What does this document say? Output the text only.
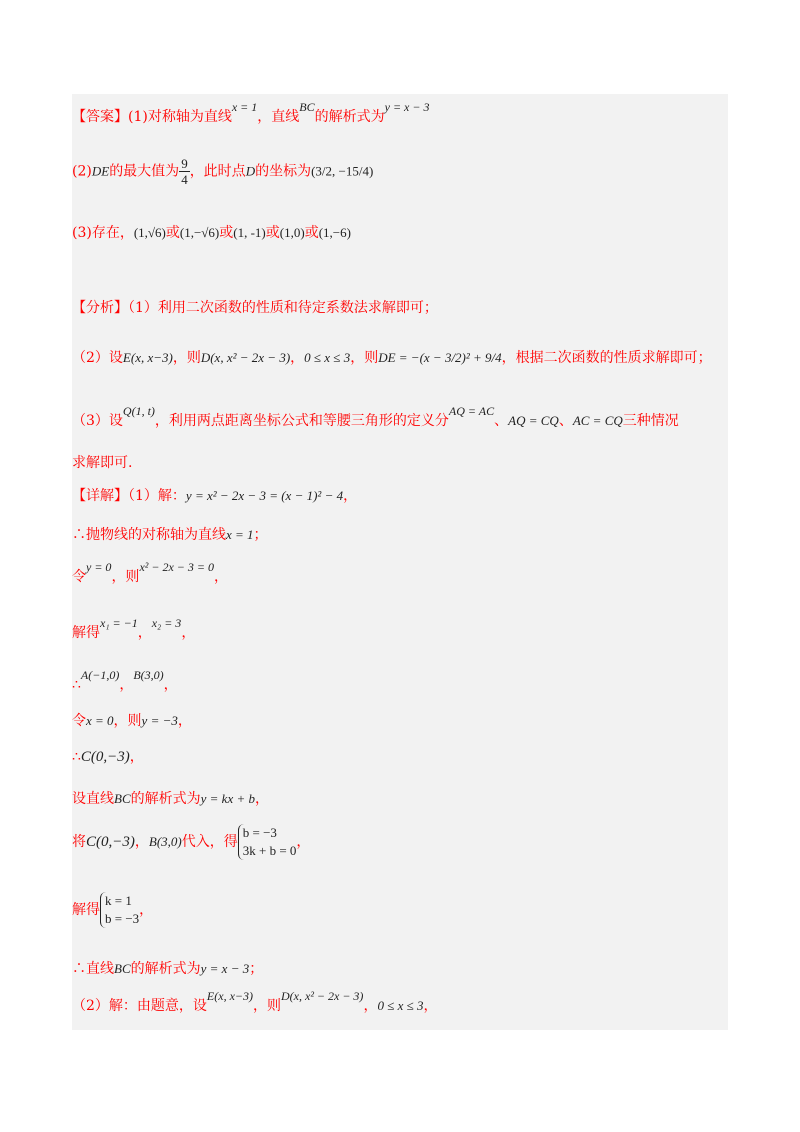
【答案】(1)对称轴为直线x = 1，直线BC的解析式为y = x − 3
(2)DE的最大值为 $\frac{9}{4}$ ，此时点D的坐标为(3/2, −15/4)
(3)存在，(1,√6)或(1,−√6)或(1, -1)或(1,0)或(1,−6)
【分析】（1）利用二次函数的性质和待定系数法求解即可；
（2）设E(x, x−3)，则D(x, x² − 2x − 3)，0 ≤ x ≤ 3，则DE = −(x − 3/2)² + 9/4，根据二次函数的性质求解即可；
（3）设Q(1, t)，利用两点距离坐标公式和等腰三角形的定义分AQ = AC、AQ = CQ、AC = CQ三种情况
求解即可.
【详解】（1）解：y = x² − 2x − 3 = (x − 1)² − 4，
∴抛物线的对称轴为直线x = 1；
令y = 0，则x² − 2x − 3 = 0，
解得x₁ = −1，x₂ = 3，
∴A(−1,0)，B(3,0)，
令x = 0，则y = −3，
∴C(0,−3)，
设直线BC的解析式为y = kx + b，
将C(0,−3)，B(3,0)代入，得
b = −3
3k + b = 0
，
解得
k = 1
b = −3
，
∴直线BC的解析式为y = x − 3；
（2）解：由题意，设E(x, x−3)，则D(x, x² − 2x − 3)，0 ≤ x ≤ 3，
